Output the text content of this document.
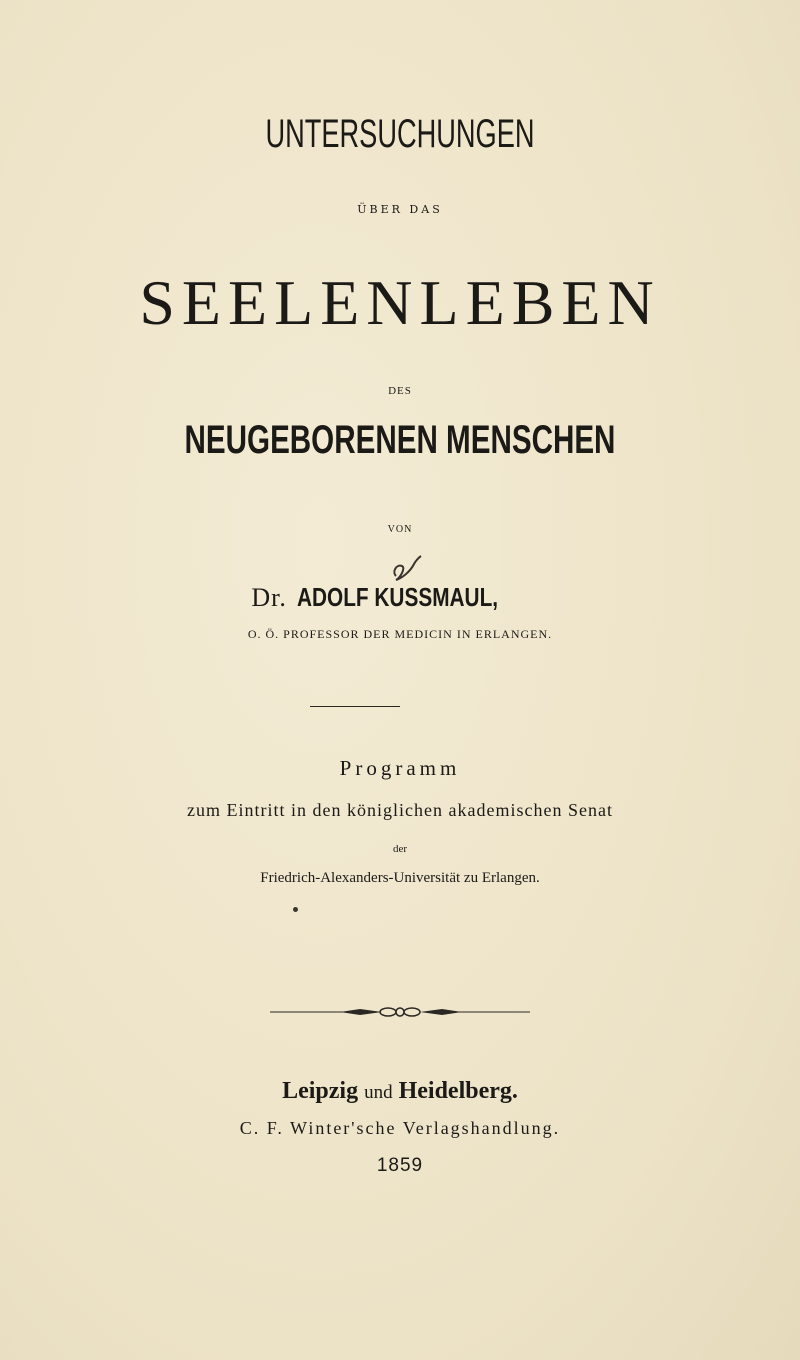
UNTERSUCHUNGEN
ÜBER DAS
SEELENLEBEN
DES
NEUGEBORENEN MENSCHEN
VON
Dr. ADOLF KUSSMAUL,
O. Ö. PROFESSOR DER MEDICIN IN ERLANGEN.
Programm
zum Eintritt in den königlichen akademischen Senat
der
Friedrich-Alexanders-Universität zu Erlangen.
Leipzig und Heidelberg.
C. F. Winter'sche Verlagshandlung.
1859
